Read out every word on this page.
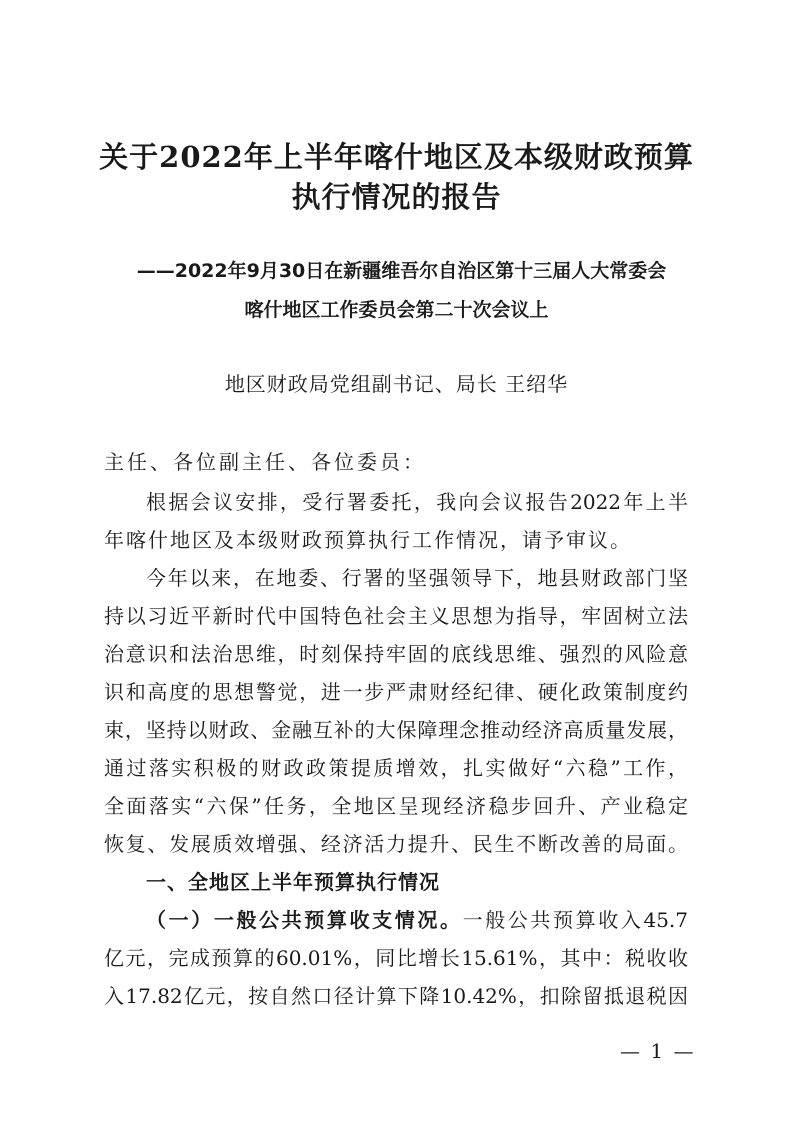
关于2022年上半年喀什地区及本级财政预算
执行情况的报告
——2022年9月30日在新疆维吾尔自治区第十三届人大常委会
喀什地区工作委员会第二十次会议上
地区财政局党组副书记、局长 王绍华
主任、各位副主任、各位委员：
根据会议安排，受行署委托，我向会议报告2022年上半
年喀什地区及本级财政预算执行工作情况，请予审议。
今年以来，在地委、行署的坚强领导下，地县财政部门坚
持以习近平新时代中国特色社会主义思想为指导，牢固树立法
治意识和法治思维，时刻保持牢固的底线思维、强烈的风险意
识和高度的思想警觉，进一步严肃财经纪律、硬化政策制度约
束，坚持以财政、金融互补的大保障理念推动经济高质量发展，
通过落实积极的财政政策提质增效，扎实做好“六稳”工作，
全面落实“六保”任务，全地区呈现经济稳步回升、产业稳定
恢复、发展质效增强、经济活力提升、民生不断改善的局面。
一、全地区上半年预算执行情况
（一）一般公共预算收支情况。一般公共预算收入45.7
亿元，完成预算的60.01%，同比增长15.61%，其中：税收收
入17.82亿元，按自然口径计算下降10.42%，扣除留抵退税因
— 1 —
